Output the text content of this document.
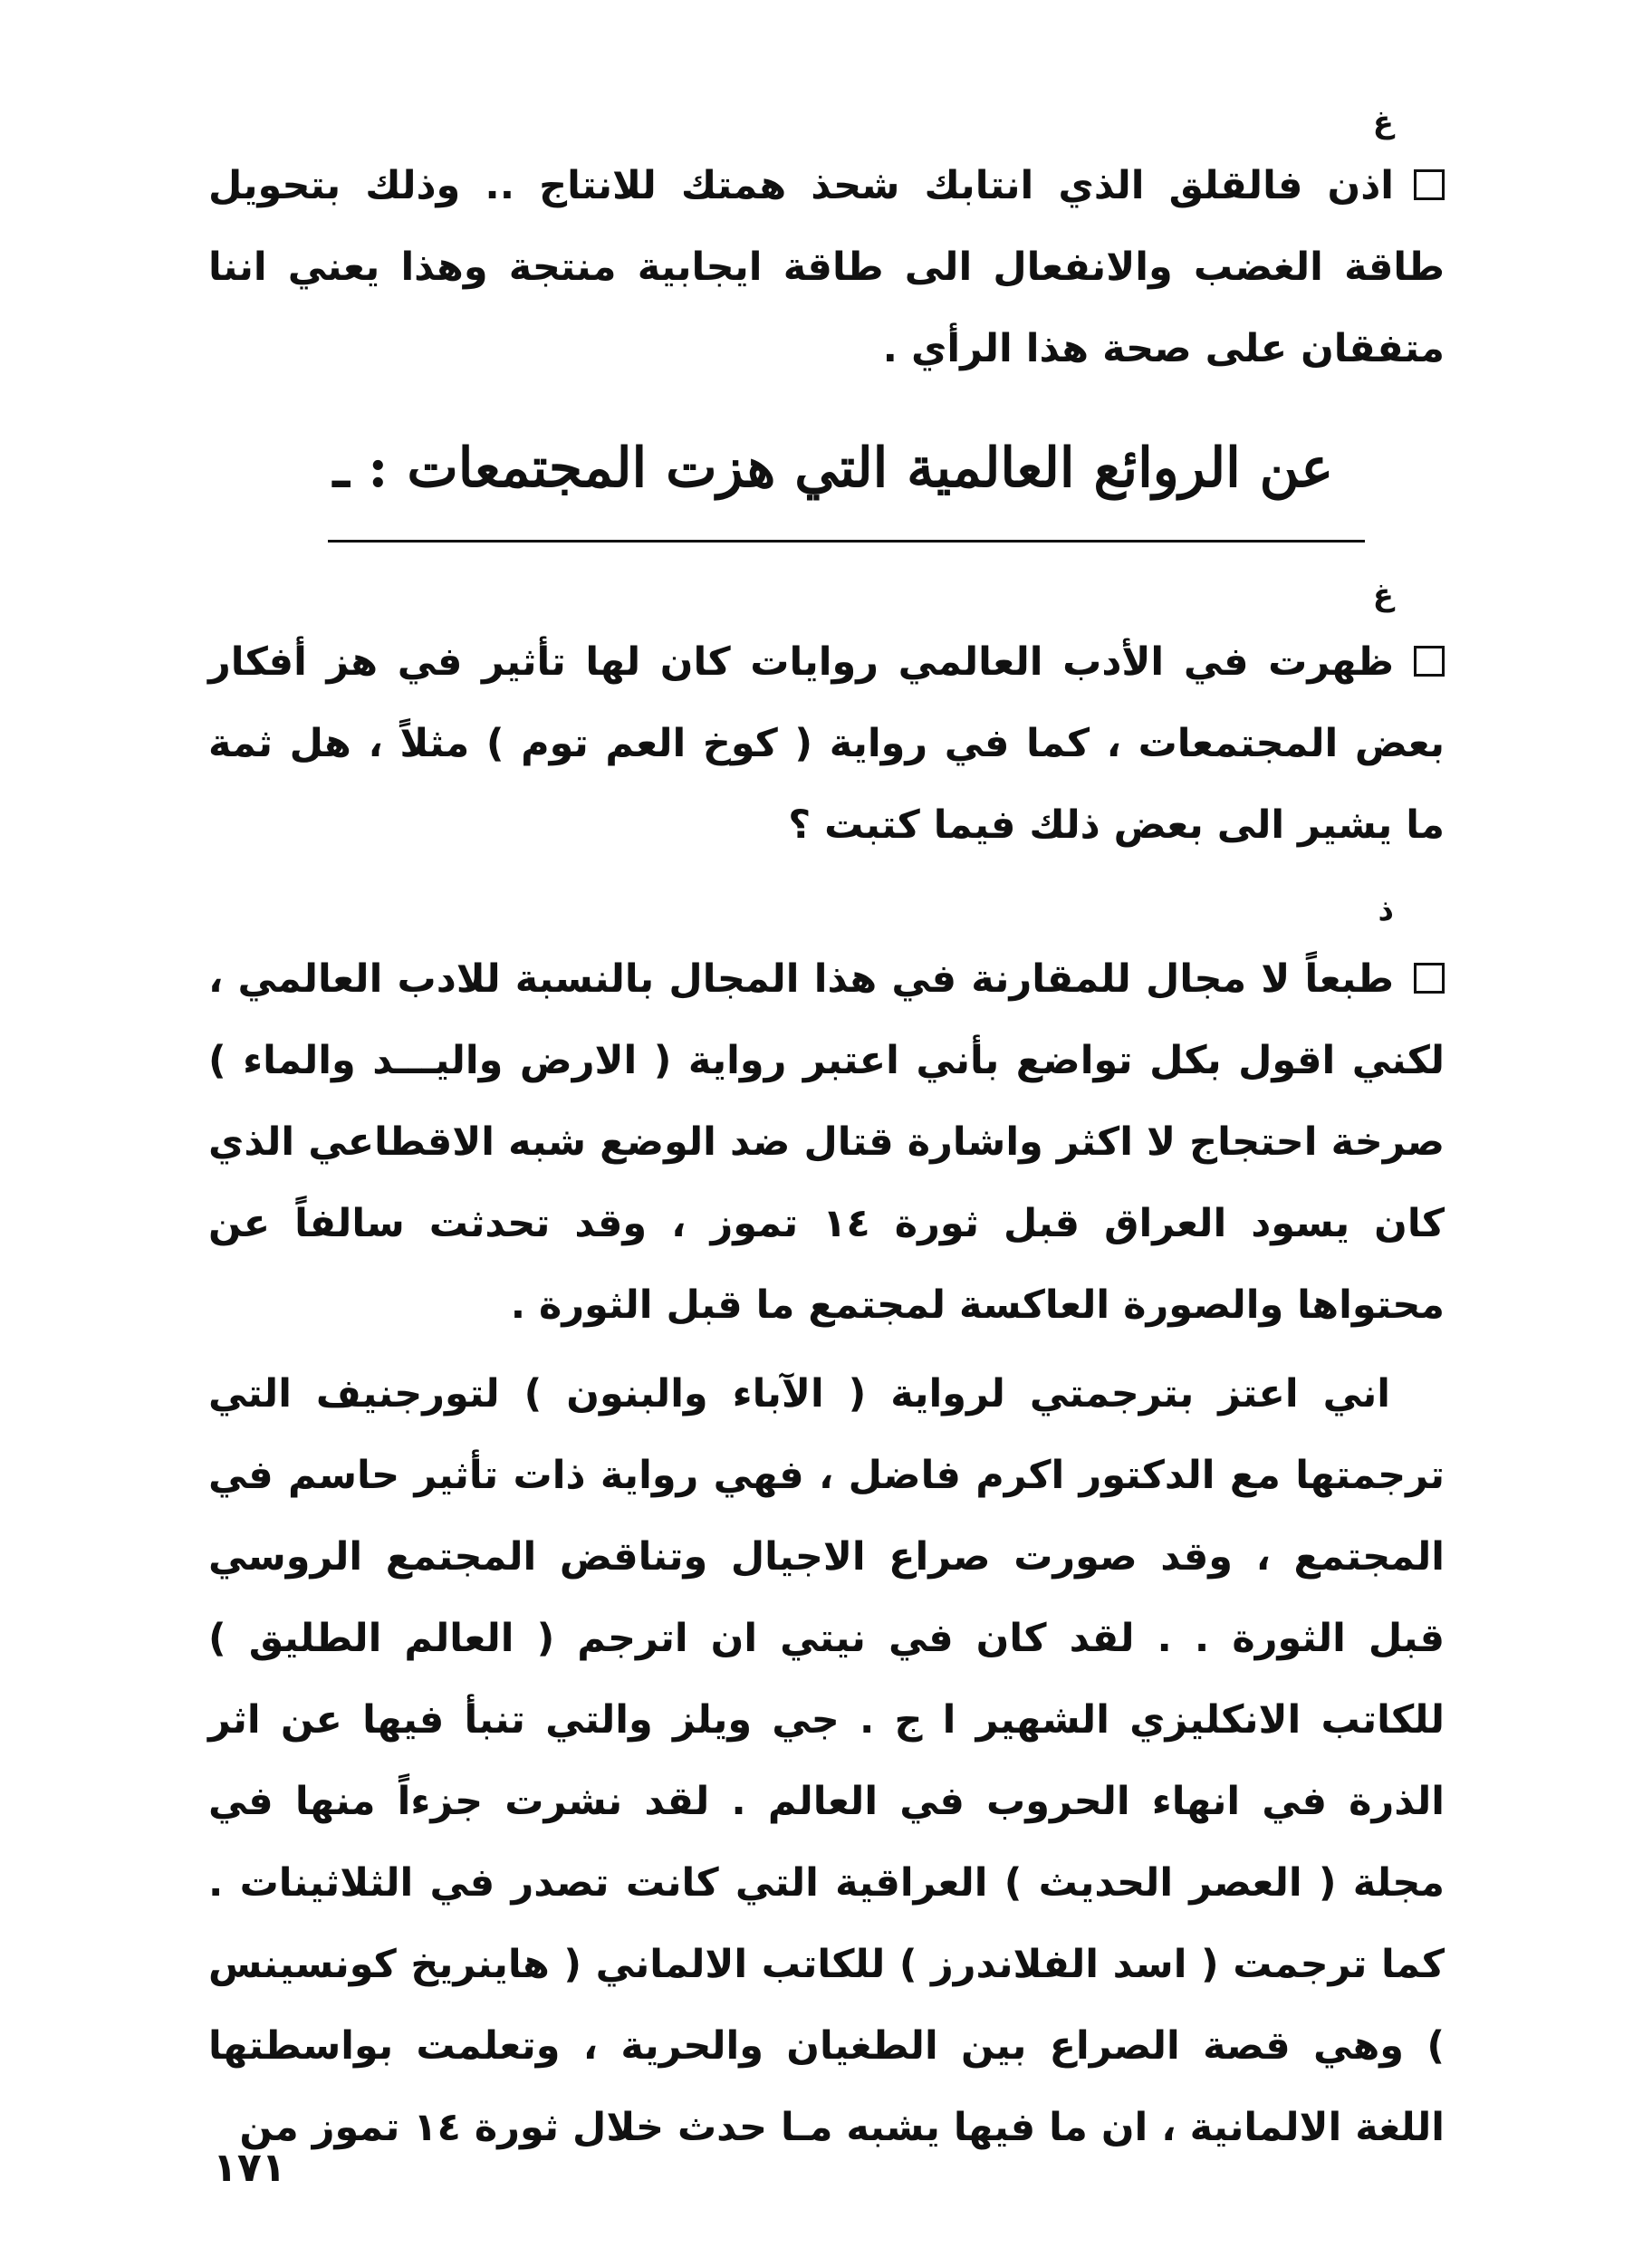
غ

اذن فالقلق الذي انتابك شحذ همتك للانتاج .. وذلك بتحويل طاقة الغضب والانفعال الى طاقة ايجابية منتجة وهذا يعني اننا متفقان على صحة هذا الرأي .

عن الروائع العالمية التي هزت المجتمعات : ـ
غ

ظهرت في الأدب العالمي روايات كان لها تأثير في هز أفكار بعض المجتمعات ، كما في رواية ( كوخ العم توم ) مثلاً ، هل ثمة ما يشير الى بعض ذلك فيما كتبت ؟

ذ

طبعاً لا مجال للمقارنة في هذا المجال بالنسبة للادب العالمي ، لكني اقول بكل تواضع بأني اعتبر رواية ( الارض واليـــد والماء ) صرخة احتجاج لا اكثر واشارة قتال ضد الوضع شبه الاقطاعي الذي كان يسود العراق قبل ثورة ١٤ تموز ، وقد تحدثت سالفاً عن محتواها والصورة العاكسة لمجتمع ما قبل الثورة .

اني اعتز بترجمتي لرواية ( الآباء والبنون ) لتورجنيف التي ترجمتها مع الدكتور اكرم فاضل ، فهي رواية ذات تأثير حاسم في المجتمع ، وقد صورت صراع الاجيال وتناقض المجتمع الروسي قبل الثورة . . لقد كان في نيتي ان اترجم ( العالم الطليق ) للكاتب الانكليزي الشهير ا ج . جي ويلز والتي تنبأ فيها عن اثر الذرة في انهاء الحروب في العالم . لقد نشرت جزءاً منها في مجلة ( العصر الحديث ) العراقية التي كانت تصدر في الثلاثينات . كما ترجمت ( اسد الفلاندرز ) للكاتب الالماني ( هاينريخ كونسينس ) وهي قصة الصراع بين الطغيان والحرية ، وتعلمت بواسطتها اللغة الالمانية ، ان ما فيها يشبه مـا حدث خلال ثورة ١٤ تموز من

١٧١
